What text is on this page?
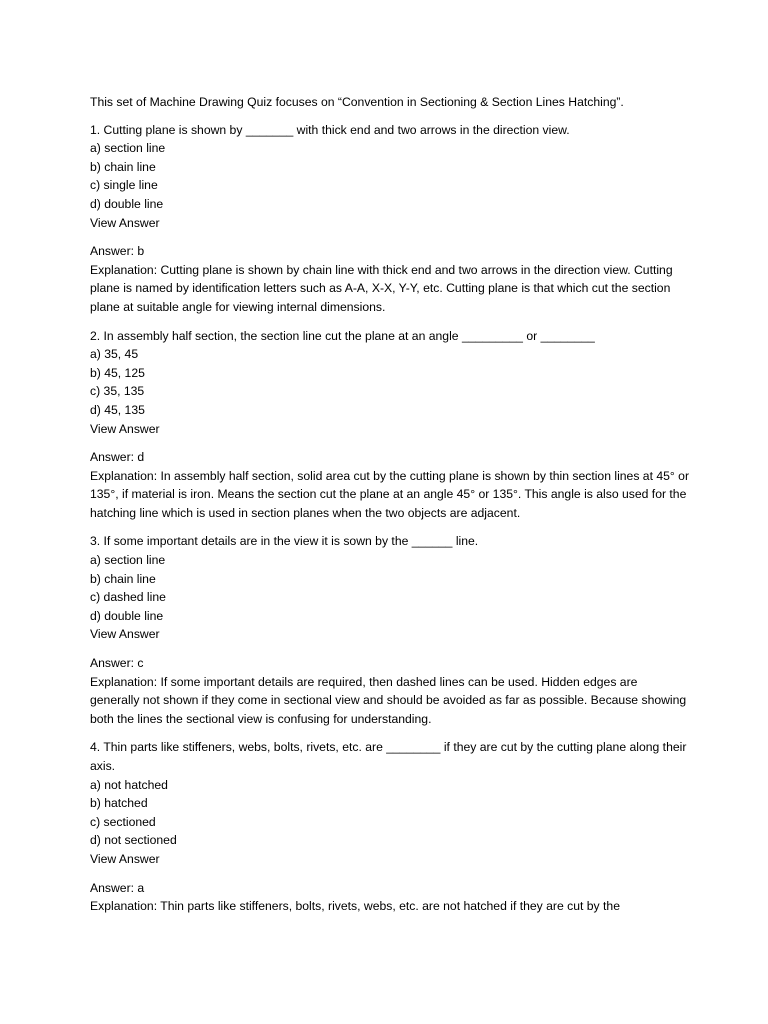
This set of Machine Drawing Quiz focuses on “Convention in Sectioning & Section Lines Hatching”.

1. Cutting plane is shown by _______ with thick end and two arrows in the direction view.

a) section line

b) chain line

c) single line

d) double line

View Answer

Answer: b

Explanation: Cutting plane is shown by chain line with thick end and two arrows in the direction view. Cutting plane is named by identification letters such as A-A, X-X, Y-Y, etc. Cutting plane is that which cut the section plane at suitable angle for viewing internal dimensions.

2. In assembly half section, the section line cut the plane at an angle _________ or ________

a) 35, 45

b) 45, 125

c) 35, 135

d) 45, 135

View Answer

Answer: d

Explanation: In assembly half section, solid area cut by the cutting plane is shown by thin section lines at 45° or 135°, if material is iron. Means the section cut the plane at an angle 45° or 135°. This angle is also used for the hatching line which is used in section planes when the two objects are adjacent.

3. If some important details are in the view it is sown by the ______ line.

a) section line

b) chain line

c) dashed line

d) double line

View Answer

Answer: c

Explanation: If some important details are required, then dashed lines can be used. Hidden edges are generally not shown if they come in sectional view and should be avoided as far as possible. Because showing both the lines the sectional view is confusing for understanding.

4. Thin parts like stiffeners, webs, bolts, rivets, etc. are ________ if they are cut by the cutting plane along their axis.

a) not hatched

b) hatched

c) sectioned

d) not sectioned

View Answer

Answer: a

Explanation: Thin parts like stiffeners, bolts, rivets, webs, etc. are not hatched if they are cut by the
